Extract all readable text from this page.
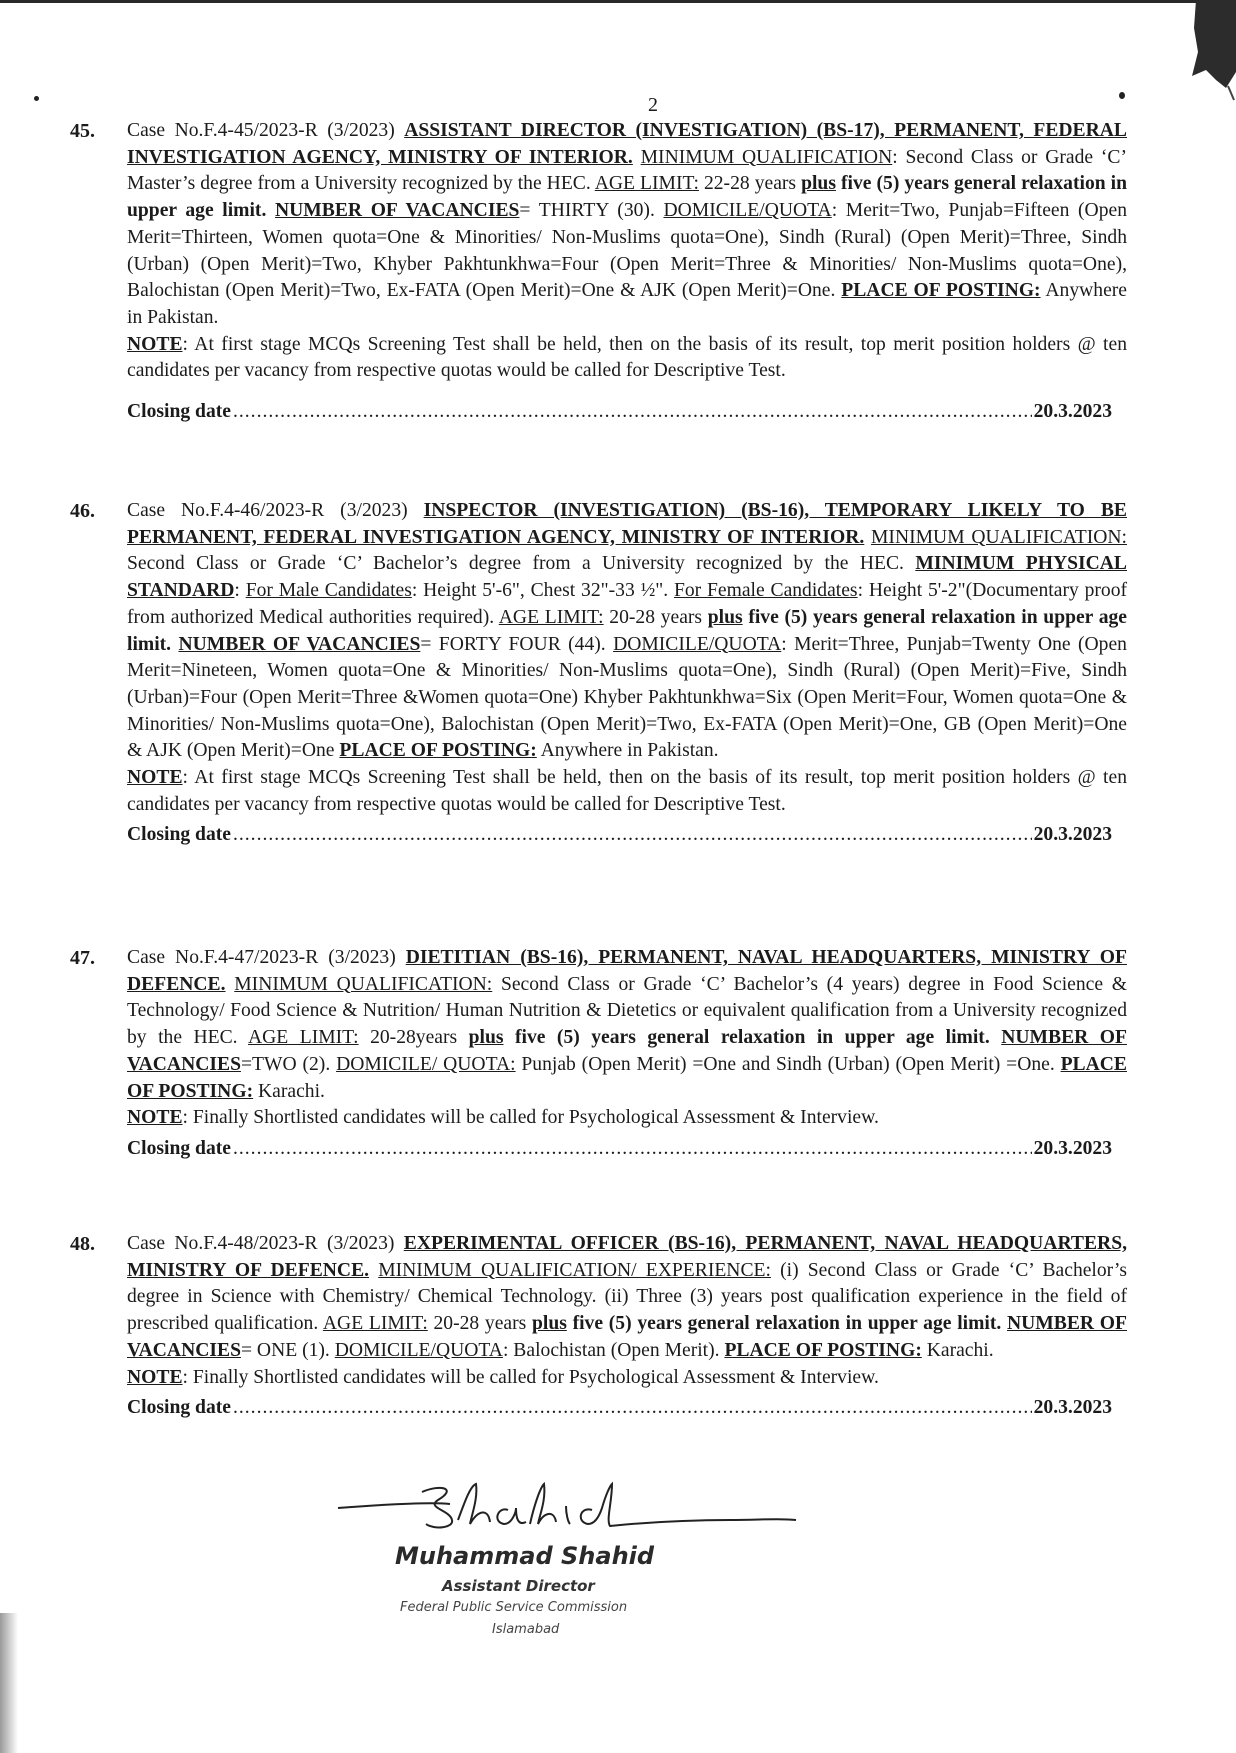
2
45. Case No.F.4-45/2023-R (3/2023) ASSISTANT DIRECTOR (INVESTIGATION) (BS-17), PERMANENT, FEDERAL INVESTIGATION AGENCY, MINISTRY OF INTERIOR. MINIMUM QUALIFICATION: Second Class or Grade ‘C’ Master’s degree from a University recognized by the HEC. AGE LIMIT: 22-28 years plus five (5) years general relaxation in upper age limit. NUMBER OF VACANCIES= THIRTY (30). DOMICILE/QUOTA: Merit=Two, Punjab=Fifteen (Open Merit=Thirteen, Women quota=One & Minorities/ Non-Muslims quota=One), Sindh (Rural) (Open Merit)=Three, Sindh (Urban) (Open Merit)=Two, Khyber Pakhtunkhwa=Four (Open Merit=Three & Minorities/ Non-Muslims quota=One), Balochistan (Open Merit)=Two, Ex-FATA (Open Merit)=One & AJK (Open Merit)=One. PLACE OF POSTING: Anywhere in Pakistan.

NOTE: At first stage MCQs Screening Test shall be held, then on the basis of its result, top merit position holders @ ten candidates per vacancy from respective quotas would be called for Descriptive Test.

Closing date .....	20.3.2023
46. Case No.F.4-46/2023-R (3/2023) INSPECTOR (INVESTIGATION) (BS-16), TEMPORARY LIKELY TO BE PERMANENT, FEDERAL INVESTIGATION AGENCY, MINISTRY OF INTERIOR. MINIMUM QUALIFICATION: Second Class or Grade ‘C’ Bachelor’s degree from a University recognized by the HEC. MINIMUM PHYSICAL STANDARD: For Male Candidates: Height 5'-6", Chest 32"-33 ½". For Female Candidates: Height 5'-2"(Documentary proof from authorized Medical authorities required). AGE LIMIT: 20-28 years plus five (5) years general relaxation in upper age limit. NUMBER OF VACANCIES= FORTY FOUR (44). DOMICILE/QUOTA: Merit=Three, Punjab=Twenty One (Open Merit=Nineteen, Women quota=One & Minorities/ Non-Muslims quota=One), Sindh (Rural) (Open Merit)=Five, Sindh (Urban)=Four (Open Merit=Three &Women quota=One) Khyber Pakhtunkhwa=Six (Open Merit=Four, Women quota=One & Minorities/ Non-Muslims quota=One), Balochistan (Open Merit)=Two, Ex-FATA (Open Merit)=One, GB (Open Merit)=One & AJK (Open Merit)=One PLACE OF POSTING: Anywhere in Pakistan.

NOTE: At first stage MCQs Screening Test shall be held, then on the basis of its result, top merit position holders @ ten candidates per vacancy from respective quotas would be called for Descriptive Test.

Closing date .....	20.3.2023
47. Case No.F.4-47/2023-R (3/2023) DIETITIAN (BS-16), PERMANENT, NAVAL HEADQUARTERS, MINISTRY OF DEFENCE. MINIMUM QUALIFICATION: Second Class or Grade ‘C’ Bachelor’s (4 years) degree in Food Science & Technology/ Food Science & Nutrition/ Human Nutrition & Dietetics or equivalent qualification from a University recognized by the HEC. AGE LIMIT: 20-28years plus five (5) years general relaxation in upper age limit. NUMBER OF VACANCIES=TWO (2). DOMICILE/ QUOTA: Punjab (Open Merit) =One and Sindh (Urban) (Open Merit) =One. PLACE OF POSTING: Karachi.

NOTE: Finally Shortlisted candidates will be called for Psychological Assessment & Interview.

Closing date .....	20.3.2023
48. Case No.F.4-48/2023-R (3/2023) EXPERIMENTAL OFFICER (BS-16), PERMANENT, NAVAL HEADQUARTERS, MINISTRY OF DEFENCE. MINIMUM QUALIFICATION/ EXPERIENCE: (i) Second Class or Grade ‘C’ Bachelor’s degree in Science with Chemistry/ Chemical Technology. (ii) Three (3) years post qualification experience in the field of prescribed qualification. AGE LIMIT: 20-28 years plus five (5) years general relaxation in upper age limit. NUMBER OF VACANCIES= ONE (1). DOMICILE/QUOTA: Balochistan (Open Merit). PLACE OF POSTING: Karachi.

NOTE: Finally Shortlisted candidates will be called for Psychological Assessment & Interview.

Closing date .....	20.3.2023
Muhammad Shahid
Assistant Director
Federal Public Service Commission
Islamabad
